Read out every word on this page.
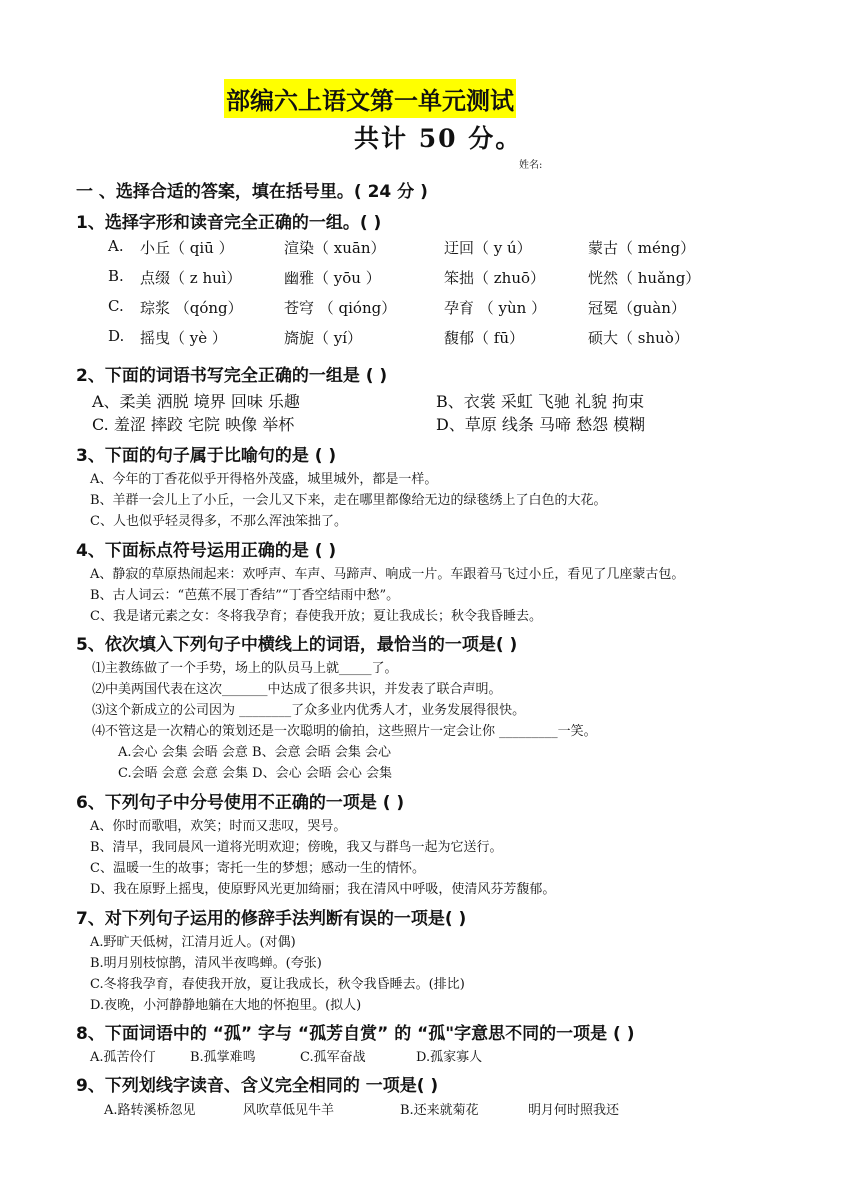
部编六上语文第一单元测试
共计 50 分。
姓名:
一 、选择合适的答案，填在括号里。( 24 分 )
1、选择字形和读音完全正确的一组。( )
A. 小丘（ qiū ）	渲染（ xuān）	迂回（ y ú）	蒙古（ méng）
B. 点缀（ z huì）	幽雅（ yōu ）	笨拙（ zhuō）	恍然（ huǎng）
C. 琮浆 （qóng）	苍穹 （ qióng）	孕育 （ yùn ）	冠冕（guàn）
D. 摇曳（ yè ）	旖旎（ yí）	馥郁（ fū）	硕大（ shuò）
2、下面的词语书写完全正确的一组是 ( )
A、柔美 洒脱 境界 回味 乐趣	B、衣裳 采虹 飞驰 礼貌 拘束
C. 羞涩 摔跤 宅院 映像 举杯	D、草原 线条 马啼 愁怨 模糊
3、下面的句子属于比喻句的是 ( )
A、今年的丁香花似乎开得格外茂盛，城里城外，都是一样。
B、羊群一会儿上了小丘，一会儿又下来，走在哪里都像给无边的绿毯绣上了白色的大花。
C、人也似乎轻灵得多，不那么浑浊笨拙了。
4、下面标点符号运用正确的是 ( )
A、静寂的草原热闹起来：欢呼声、车声、马蹄声、响成一片。车跟着马飞过小丘，看见了几座蒙古包。
B、古人词云：“芭蕉不展丁香结”“丁香空结雨中愁”。
C、我是诸元素之女：冬将我孕育；春使我开放；夏让我成长；秋令我昏睡去。
5、依次填入下列句子中横线上的词语，最恰当的一项是( )
⑴主教练做了一个手势，场上的队员马上就_____了。
⑵中美两国代表在这次_______中达成了很多共识，并发表了联合声明。
⑶这个新成立的公司因为 ________了众多业内优秀人才，业务发展得很快。
⑷不管这是一次精心的策划还是一次聪明的偷拍，这些照片一定会让你 _________一笑。
A.会心 会集 会晤 会意 B、会意 会晤 会集 会心
C.会晤 会意 会意 会集 D、会心 会晤 会心 会集
6、下列句子中分号使用不正确的一项是 ( )
A、你时而歌唱，欢笑；时而又悲叹，哭号。
B、清早，我同晨风一道将光明欢迎；傍晚，我又与群鸟一起为它送行。
C、温暖一生的故事；寄托一生的梦想；感动一生的情怀。
D、我在原野上摇曳，使原野风光更加绮丽；我在清风中呼吸，使清风芬芳馥郁。
7、对下列句子运用的修辞手法判断有误的一项是( )
A.野旷天低树，江清月近人。(对偶)
B.明月别枝惊鹊，清风半夜鸣蝉。(夸张)
C.冬将我孕育，春使我开放，夏让我成长，秋令我昏睡去。(排比)
D.夜晚，小河静静地躺在大地的怀抱里。(拟人)
8、下面词语中的 “孤” 字与 “孤芳自赏” 的 “孤"字意思不同的一项是 ( )
A.孤苦伶仃	B.孤掌难鸣	C.孤军奋战	D.孤家寡人
9、下列划线字读音、含义完全相同的 一项是( )
A.路转溪桥忽见	风吹草低见牛羊	B.还来就菊花	明月何时照我还
